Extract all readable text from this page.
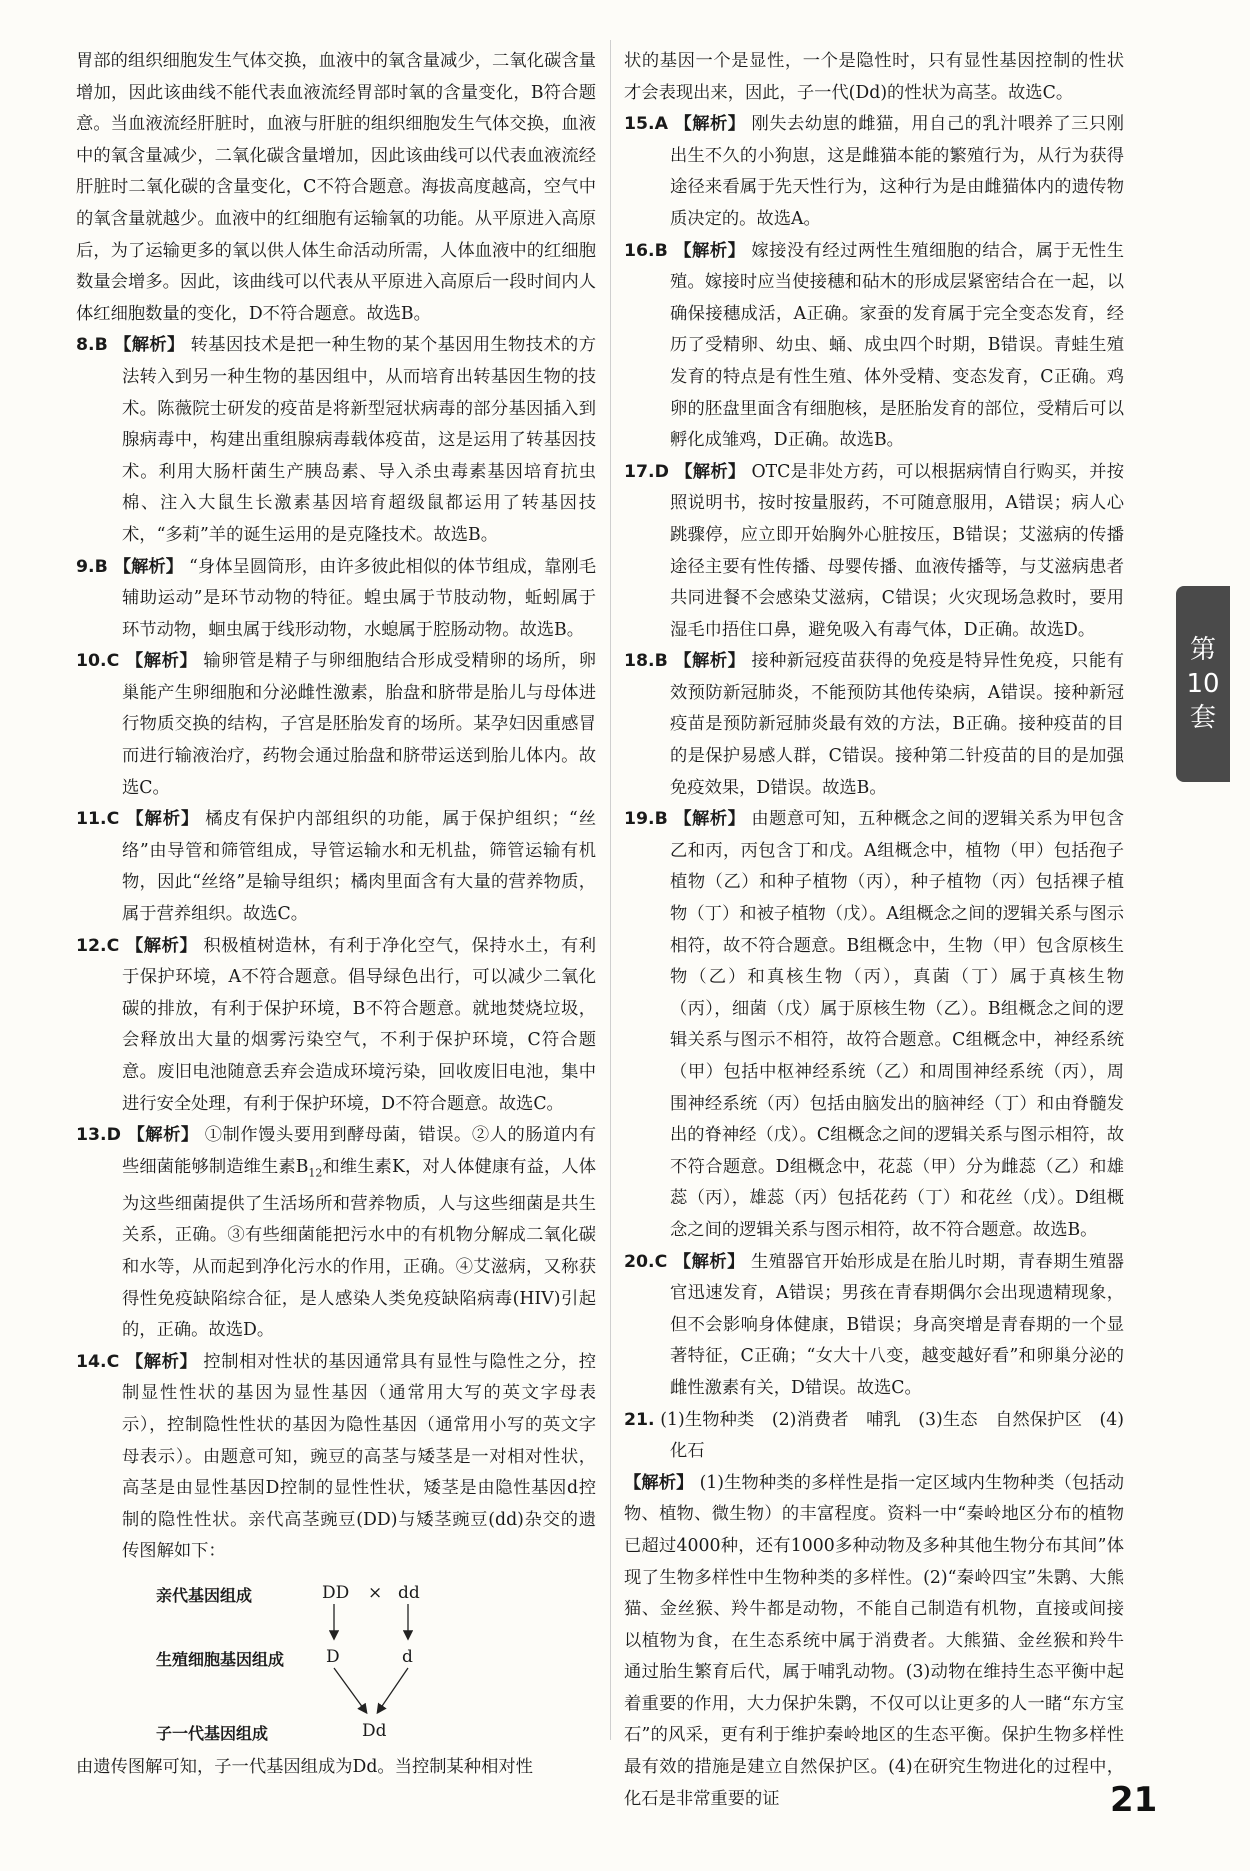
胃部的组织细胞发生气体交换，血液中的氧含量减少，二氧化碳含量增加，因此该曲线不能代表血液流经胃部时氧的含量变化，B符合题意。当血液流经肝脏时，血液与肝脏的组织细胞发生气体交换，血液中的氧含量减少，二氧化碳含量增加，因此该曲线可以代表血液流经肝脏时二氧化碳的含量变化，C不符合题意。海拔高度越高，空气中的氧含量就越少。血液中的红细胞有运输氧的功能。从平原进入高原后，为了运输更多的氧以供人体生命活动所需，人体血液中的红细胞数量会增多。因此，该曲线可以代表从平原进入高原后一段时间内人体红细胞数量的变化，D不符合题意。故选B。

8.B 【解析】 转基因技术是把一种生物的某个基因用生物技术的方法转入到另一种生物的基因组中，从而培育出转基因生物的技术。陈薇院士研发的疫苗是将新型冠状病毒的部分基因插入到腺病毒中，构建出重组腺病毒载体疫苗，这是运用了转基因技术。利用大肠杆菌生产胰岛素、导入杀虫毒素基因培育抗虫棉、注入大鼠生长激素基因培育超级鼠都运用了转基因技术，“多莉”羊的诞生运用的是克隆技术。故选B。

9.B 【解析】 “身体呈圆筒形，由许多彼此相似的体节组成，靠刚毛辅助运动”是环节动物的特征。蝗虫属于节肢动物，蚯蚓属于环节动物，蛔虫属于线形动物，水螅属于腔肠动物。故选B。

10.C 【解析】 输卵管是精子与卵细胞结合形成受精卵的场所，卵巢能产生卵细胞和分泌雌性激素，胎盘和脐带是胎儿与母体进行物质交换的结构，子宫是胚胎发育的场所。某孕妇因重感冒而进行输液治疗，药物会通过胎盘和脐带运送到胎儿体内。故选C。

11.C 【解析】 橘皮有保护内部组织的功能，属于保护组织；“丝络”由导管和筛管组成，导管运输水和无机盐，筛管运输有机物，因此“丝络”是输导组织；橘肉里面含有大量的营养物质，属于营养组织。故选C。

12.C 【解析】 积极植树造林，有利于净化空气，保持水土，有利于保护环境，A不符合题意。倡导绿色出行，可以减少二氧化碳的排放，有利于保护环境，B不符合题意。就地焚烧垃圾，会释放出大量的烟雾污染空气，不利于保护环境，C符合题意。废旧电池随意丢弃会造成环境污染，回收废旧电池，集中进行安全处理，有利于保护环境，D不符合题意。故选C。

13.D 【解析】 ①制作馒头要用到酵母菌，错误。②人的肠道内有些细菌能够制造维生素$B_{12}$和维生素K，对人体健康有益，人体为这些细菌提供了生活场所和营养物质，人与这些细菌是共生关系，正确。③有些细菌能把污水中的有机物分解成二氧化碳和水等，从而起到净化污水的作用，正确。④艾滋病，又称获得性免疫缺陷综合征，是人感染人类免疫缺陷病毒(HIV)引起的，正确。故选D。

14.C 【解析】 控制相对性状的基因通常具有显性与隐性之分，控制显性性状的基因为显性基因（通常用大写的英文字母表示），控制隐性性状的基因为隐性基因（通常用小写的英文字母表示）。由题意可知，豌豆的高茎与矮茎是一对相对性状，高茎是由显性基因D控制的显性性状，矮茎是由隐性基因d控制的隐性性状。亲代高茎豌豆(DD)与矮茎豌豆(dd)杂交的遗传图解如下：

亲代基因组成	DD × dd
生殖细胞基因组成 D	d
子一代基因组成	Dd

由遗传图解可知，子一代基因组成为Dd。当控制某种相对性

状的基因一个是显性，一个是隐性时，只有显性基因控制的性状才会表现出来，因此，子一代(Dd)的性状为高茎。故选C。

15.A 【解析】 刚失去幼崽的雌猫，用自己的乳汁喂养了三只刚出生不久的小狗崽，这是雌猫本能的繁殖行为，从行为获得途径来看属于先天性行为，这种行为是由雌猫体内的遗传物质决定的。故选A。

16.B 【解析】 嫁接没有经过两性生殖细胞的结合，属于无性生殖。嫁接时应当使接穗和砧木的形成层紧密结合在一起，以确保接穗成活，A正确。家蚕的发育属于完全变态发育，经历了受精卵、幼虫、蛹、成虫四个时期，B错误。青蛙生殖发育的特点是有性生殖、体外受精、变态发育，C正确。鸡卵的胚盘里面含有细胞核，是胚胎发育的部位，受精后可以孵化成雏鸡，D正确。故选B。

17.D 【解析】 OTC是非处方药，可以根据病情自行购买，并按照说明书，按时按量服药，不可随意服用，A错误；病人心跳骤停，应立即开始胸外心脏按压，B错误；艾滋病的传播途径主要有性传播、母婴传播、血液传播等，与艾滋病患者共同进餐不会感染艾滋病，C错误；火灾现场急救时，要用湿毛巾捂住口鼻，避免吸入有毒气体，D正确。故选D。

18.B 【解析】 接种新冠疫苗获得的免疫是特异性免疫，只能有效预防新冠肺炎，不能预防其他传染病，A错误。接种新冠疫苗是预防新冠肺炎最有效的方法，B正确。接种疫苗的目的是保护易感人群，C错误。接种第二针疫苗的目的是加强免疫效果，D错误。故选B。

19.B 【解析】 由题意可知，五种概念之间的逻辑关系为甲包含乙和丙，丙包含丁和戊。A组概念中，植物（甲）包括孢子植物（乙）和种子植物（丙），种子植物（丙）包括裸子植物（丁）和被子植物（戊）。A组概念之间的逻辑关系与图示相符，故不符合题意。B组概念中，生物（甲）包含原核生物（乙）和真核生物（丙），真菌（丁）属于真核生物（丙），细菌（戊）属于原核生物（乙）。B组概念之间的逻辑关系与图示不相符，故符合题意。C组概念中，神经系统（甲）包括中枢神经系统（乙）和周围神经系统（丙），周围神经系统（丙）包括由脑发出的脑神经（丁）和由脊髓发出的脊神经（戊）。C组概念之间的逻辑关系与图示相符，故不符合题意。D组概念中，花蕊（甲）分为雌蕊（乙）和雄蕊（丙），雄蕊（丙）包括花药（丁）和花丝（戊）。D组概念之间的逻辑关系与图示相符，故不符合题意。故选B。

20.C 【解析】 生殖器官开始形成是在胎儿时期，青春期生殖器官迅速发育，A错误；男孩在青春期偶尔会出现遗精现象，但不会影响身体健康，B错误；身高突增是青春期的一个显著特征，C正确；“女大十八变，越变越好看”和卵巢分泌的雌性激素有关，D错误。故选C。

21. (1)生物种类　(2)消费者　哺乳　(3)生态　自然保护区　(4)化石

【解析】 (1)生物种类的多样性是指一定区域内生物种类（包括动物、植物、微生物）的丰富程度。资料一中“秦岭地区分布的植物已超过4000种，还有1000多种动物及多种其他生物分布其间”体现了生物多样性中生物种类的多样性。(2)“秦岭四宝”朱鹮、大熊猫、金丝猴、羚牛都是动物，不能自己制造有机物，直接或间接以植物为食，在生态系统中属于消费者。大熊猫、金丝猴和羚牛通过胎生繁育后代，属于哺乳动物。(3)动物在维持生态平衡中起着重要的作用，大力保护朱鹮，不仅可以让更多的人一睹“东方宝石”的风采，更有利于维护秦岭地区的生态平衡。保护生物多样性最有效的措施是建立自然保护区。(4)在研究生物进化的过程中，化石是非常重要的证

第
10
套
21
